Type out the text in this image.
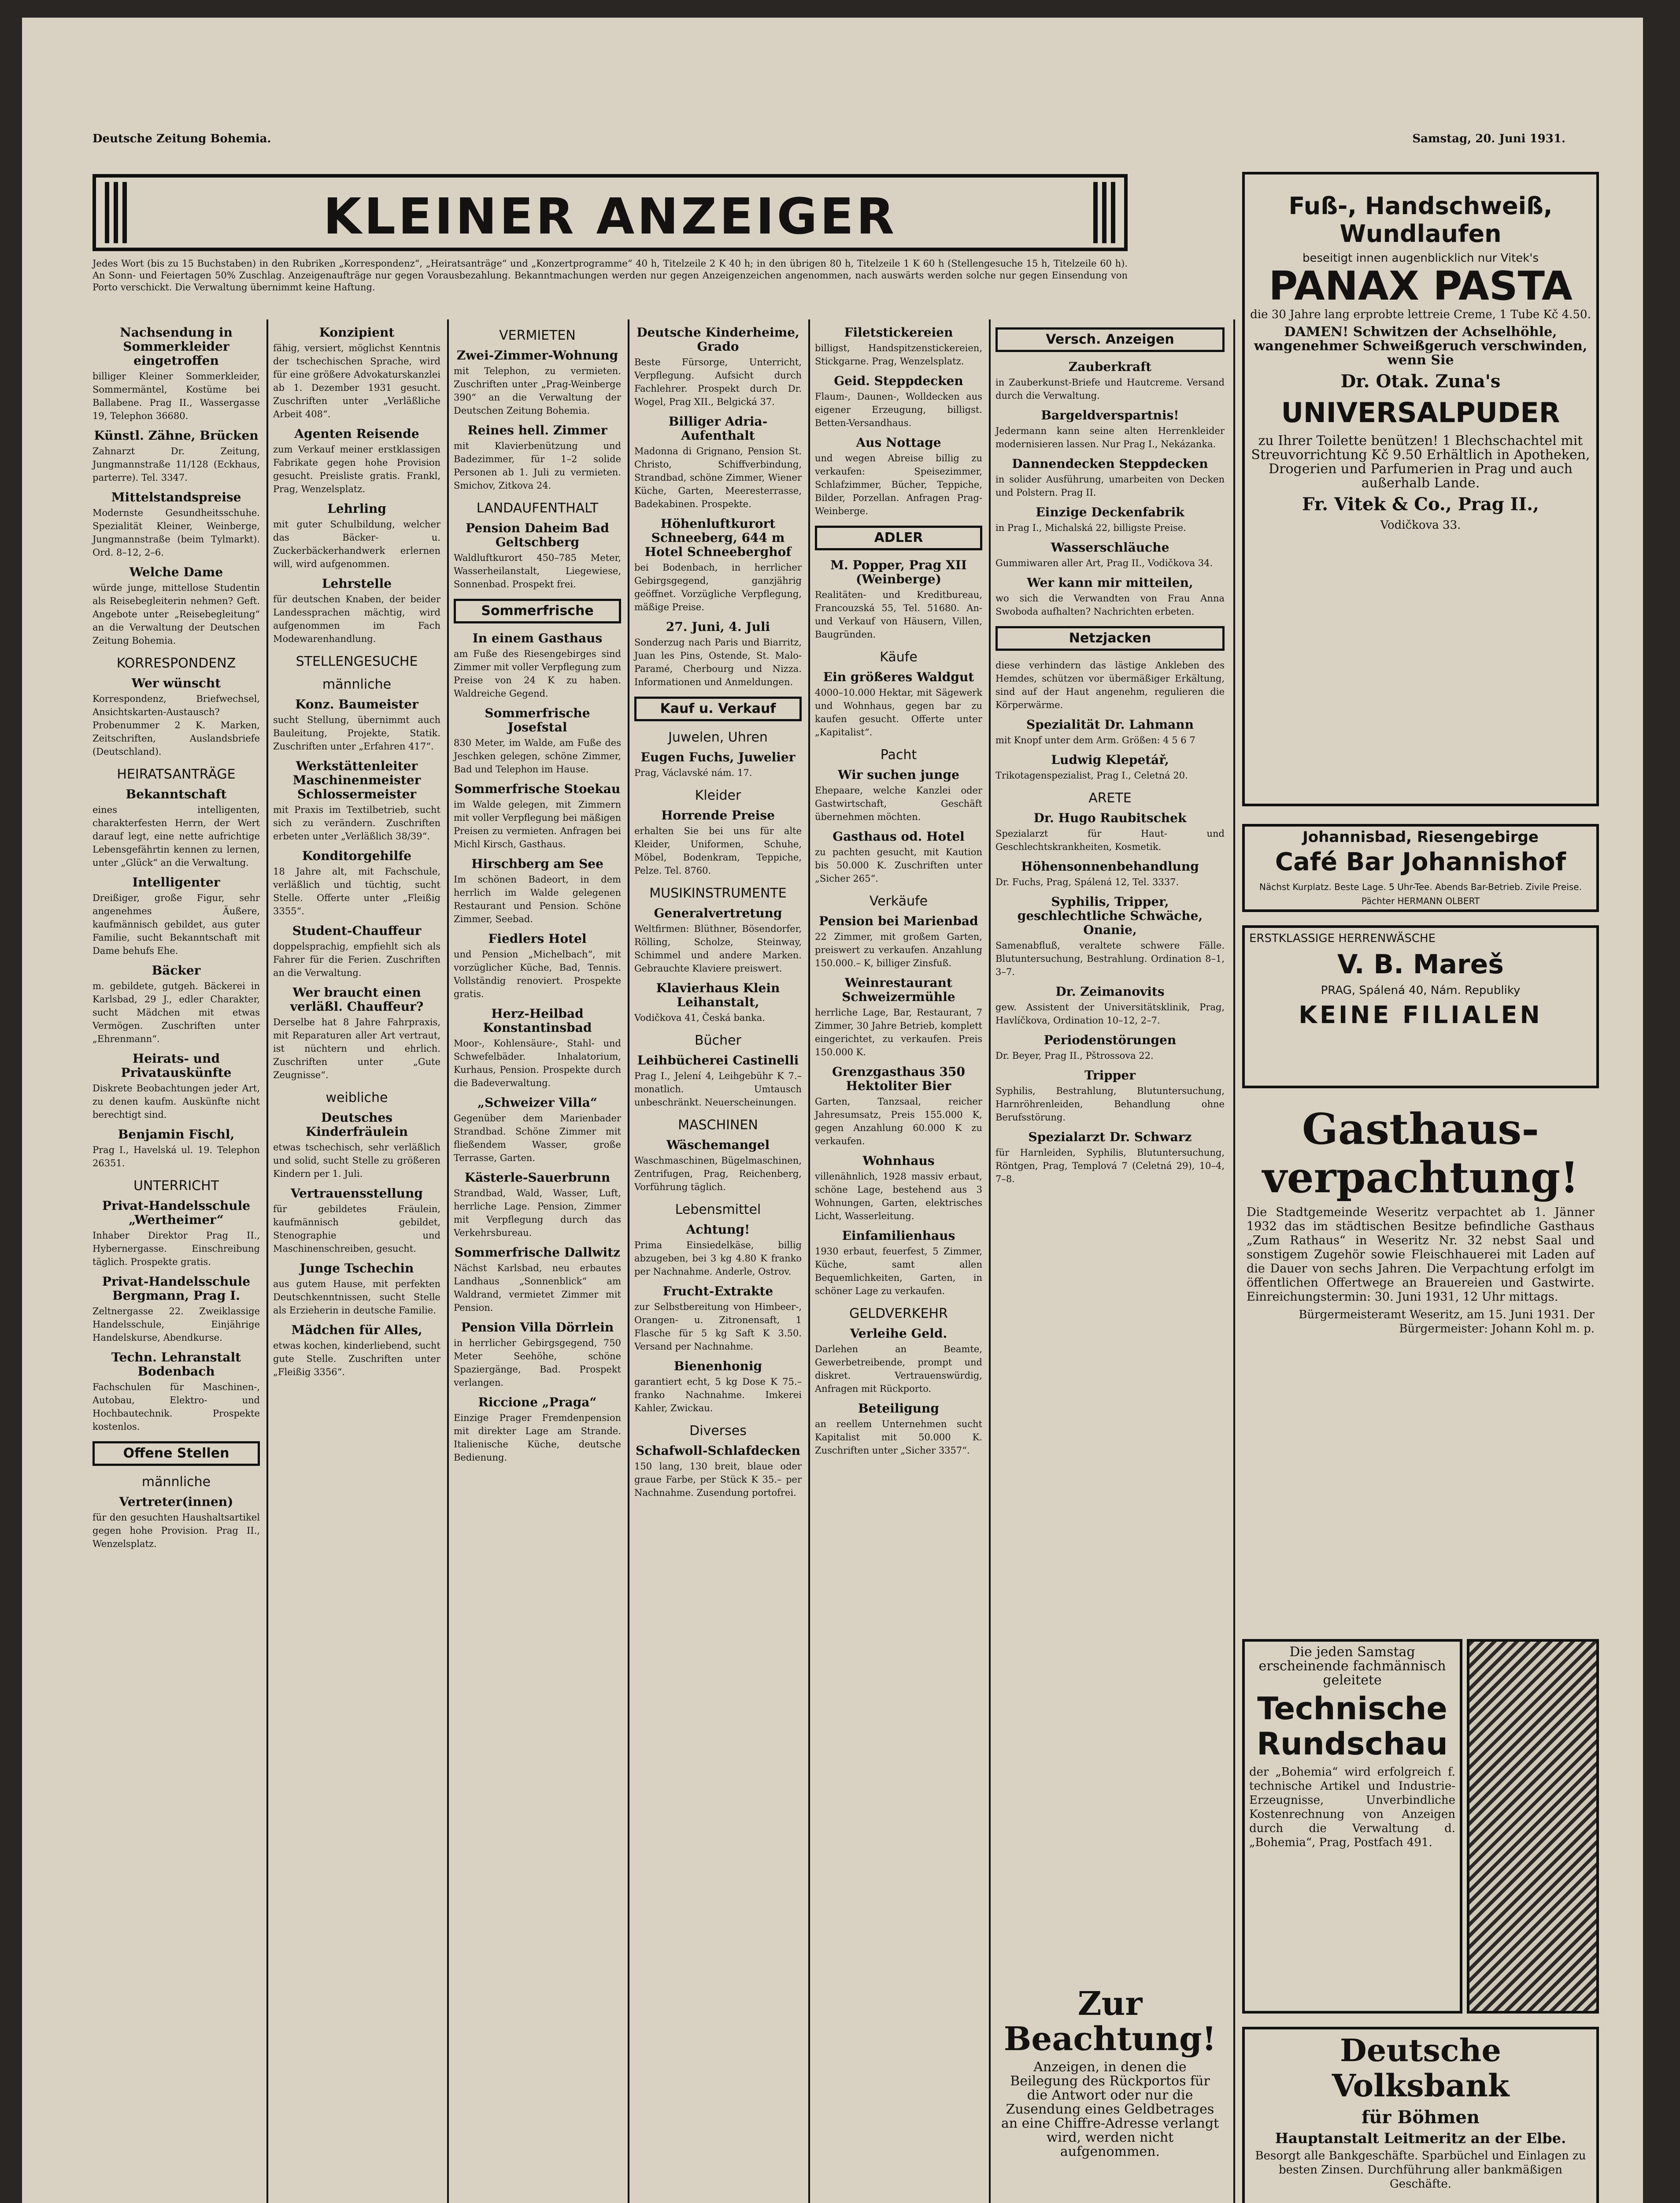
Deutsche Zeitung Bohemia.	Samstag, 20. Juni 1931.
KLEINER ANZEIGER
Jedes Wort (bis zu 15 Buchstaben) in den Rubriken „Korrespondenz“, „Heiratsanträge“ und „Konzertprogramme“ 40 h, Titelzeile 2 K 40 h; in den übrigen 80 h, Titelzeile 1 K 60 h (Stellengesuche 15 h, Titelzeile 60 h). An Sonn- und Feiertagen 50% Zuschlag. Anzeigenaufträge nur gegen Vorausbezahlung. Bekanntmachungen werden nur gegen Anzeigenzeichen angenommen, nach auswärts werden solche nur gegen Einsendung von Porto verschickt. Die Verwaltung übernimmt keine Haftung.
Nachsendung in Sommerkleider eingetroffen
billiger Kleiner Sommerkleider, Sommermäntel, Kostüme bei Ballabene. Prag II., Wassergasse 19, Telephon 36680.
Künstl. Zähne, Brücken
Zahnarzt Dr. Zeitung, Jungmannstraße 11/128 (Eckhaus, parterre). Tel. 3347.
Mittelstandspreise
Modernste Gesundheitsschuhe. Spezialität Kleiner, Weinberge, Jungmannstraße (beim Tylmarkt). Ord. 8–12, 2–6.
Welche Dame
würde junge, mittellose Studentin als Reisebegleiterin nehmen? Geft. Angebote unter „Reisebegleitung“ an die Verwaltung der Deutschen Zeitung Bohemia.
KORRESPONDENZ
Wer wünscht
Korrespondenz, Briefwechsel, Ansichtskarten-Austausch? Probenummer 2 K. Marken, Zeitschriften, Auslandsbriefe (Deutschland).
HEIRATSANTRÄGE
Bekanntschaft
eines intelligenten, charakterfesten Herrn, der Wert darauf legt, eine nette aufrichtige Lebensgefährtin kennen zu lernen, unter „Glück“ an die Verwaltung.
Intelligenter
Dreißiger, große Figur, sehr angenehmes Äußere, kaufmännisch gebildet, aus guter Familie, sucht Bekanntschaft mit Dame behufs Ehe.
Bäcker
m. gebildete, gutgeh. Bäckerei in Karlsbad, 29 J., edler Charakter, sucht Mädchen mit etwas Vermögen. Zuschriften unter „Ehrenmann“.
Heirats- und Privatauskünfte
Diskrete Beobachtungen jeder Art, zu denen kaufm. Auskünfte nicht berechtigt sind.
Benjamin Fischl,
Prag I., Havelská ul. 19. Telephon 26351.
UNTERRICHT
Privat-Handelsschule „Wertheimer“
Inhaber Direktor Prag II., Hybernergasse. Einschreibung täglich. Prospekte gratis.
Privat-Handelsschule Bergmann, Prag I.
Zeltnergasse 22. Zweiklassige Handelsschule, Einjährige Handelskurse, Abendkurse.
Techn. Lehranstalt Bodenbach
Fachschulen für Maschinen-, Autobau, Elektro- und Hochbautechnik. Prospekte kostenlos.
Offene Stellen
männliche
Vertreter(innen)
für den gesuchten Haushaltsartikel gegen hohe Provision. Prag II., Wenzelsplatz.
Konzipient
fähig, versiert, möglichst Kenntnis der tschechischen Sprache, wird für eine größere Advokaturskanzlei ab 1. Dezember 1931 gesucht. Zuschriften unter „Verläßliche Arbeit 408“.
Agenten Reisende
zum Verkauf meiner erstklassigen Fabrikate gegen hohe Provision gesucht. Preisliste gratis. Frankl, Prag, Wenzelsplatz.
Lehrling
mit guter Schulbildung, welcher das Bäcker- u. Zuckerbäckerhandwerk erlernen will, wird aufgenommen.
Lehrstelle
für deutschen Knaben, der beider Landessprachen mächtig, wird aufgenommen im Fach Modewarenhandlung.
STELLENGESUCHE
männliche
Konz. Baumeister
sucht Stellung, übernimmt auch Bauleitung, Projekte, Statik. Zuschriften unter „Erfahren 417“.
Werkstättenleiter Maschinenmeister Schlossermeister
mit Praxis im Textilbetrieb, sucht sich zu verändern. Zuschriften erbeten unter „Verläßlich 38/39“.
Konditorgehilfe
18 Jahre alt, mit Fachschule, verläßlich und tüchtig, sucht Stelle. Offerte unter „Fleißig 3355“.
Student-Chauffeur
doppelsprachig, empfiehlt sich als Fahrer für die Ferien. Zuschriften an die Verwaltung.
Wer braucht einen verläßl. Chauffeur?
Derselbe hat 8 Jahre Fahrpraxis, mit Reparaturen aller Art vertraut, ist nüchtern und ehrlich. Zuschriften unter „Gute Zeugnisse“.
weibliche
Deutsches Kinderfräulein
etwas tschechisch, sehr verläßlich und solid, sucht Stelle zu größeren Kindern per 1. Juli.
Vertrauensstellung
für gebildetes Fräulein, kaufmännisch gebildet, Stenographie und Maschinenschreiben, gesucht.
Junge Tschechin
aus gutem Hause, mit perfekten Deutschkenntnissen, sucht Stelle als Erzieherin in deutsche Familie.
Mädchen für Alles,
etwas kochen, kinderliebend, sucht gute Stelle. Zuschriften unter „Fleißig 3356“.
VERMIETEN
Zwei-Zimmer-Wohnung
mit Telephon, zu vermieten. Zuschriften unter „Prag-Weinberge 390“ an die Verwaltung der Deutschen Zeitung Bohemia.
Reines hell. Zimmer
mit Klavierbenützung und Badezimmer, für 1–2 solide Personen ab 1. Juli zu vermieten. Smichov, Zitkova 24.
LANDAUFENTHALT
Pension Daheim Bad Geltschberg
Waldluftkurort 450–785 Meter, Wasserheilanstalt, Liegewiese, Sonnenbad. Prospekt frei.
Sommerfrische
In einem Gasthaus
am Fuße des Riesengebirges sind Zimmer mit voller Verpflegung zum Preise von 24 K zu haben. Waldreiche Gegend.
Sommerfrische Josefstal
830 Meter, im Walde, am Fuße des Jeschken gelegen, schöne Zimmer, Bad und Telephon im Hause.
Sommerfrische Stoekau
im Walde gelegen, mit Zimmern mit voller Verpflegung bei mäßigen Preisen zu vermieten. Anfragen bei Michl Kirsch, Gasthaus.
Hirschberg am See
Im schönen Badeort, in dem herrlich im Walde gelegenen Restaurant und Pension. Schöne Zimmer, Seebad.
Fiedlers Hotel
und Pension „Michelbach“, mit vorzüglicher Küche, Bad, Tennis. Vollständig renoviert. Prospekte gratis.
Herz-Heilbad Konstantinsbad
Moor-, Kohlensäure-, Stahl- und Schwefelbäder. Inhalatorium, Kurhaus, Pension. Prospekte durch die Badeverwaltung.
„Schweizer Villa“
Gegenüber dem Marienbader Strandbad. Schöne Zimmer mit fließendem Wasser, große Terrasse, Garten.
Kästerle-Sauerbrunn
Strandbad, Wald, Wasser, Luft, herrliche Lage. Pension, Zimmer mit Verpflegung durch das Verkehrsbureau.
Sommerfrische Dallwitz
Nächst Karlsbad, neu erbautes Landhaus „Sonnenblick“ am Waldrand, vermietet Zimmer mit Pension.
Pension Villa Dörrlein
in herrlicher Gebirgsgegend, 750 Meter Seehöhe, schöne Spaziergänge, Bad. Prospekt verlangen.
Riccione „Praga“
Einzige Prager Fremdenpension mit direkter Lage am Strande. Italienische Küche, deutsche Bedienung.
Deutsche Kinderheime, Grado
Beste Fürsorge, Unterricht, Verpflegung. Aufsicht durch Fachlehrer. Prospekt durch Dr. Wogel, Prag XII., Belgická 37.
Billiger Adria-Aufenthalt
Madonna di Grignano, Pension St. Christo, Schiffverbindung, Strandbad, schöne Zimmer, Wiener Küche, Garten, Meeresterrasse, Badekabinen. Prospekte.
Höhenluftkurort Schneeberg, 644 m Hotel Schneeberghof
bei Bodenbach, in herrlicher Gebirgsgegend, ganzjährig geöffnet. Vorzügliche Verpflegung, mäßige Preise.
27. Juni, 4. Juli
Sonderzug nach Paris und Biarritz, Juan les Pins, Ostende, St. Malo-Paramé, Cherbourg und Nizza. Informationen und Anmeldungen.
Kauf u. Verkauf
Juwelen, Uhren
Eugen Fuchs, Juwelier
Prag, Václavské nám. 17.
Kleider
Horrende Preise
erhalten Sie bei uns für alte Kleider, Uniformen, Schuhe, Möbel, Bodenkram, Teppiche, Pelze. Tel. 8760.
MUSIKINSTRUMENTE
Generalvertretung
Weltfirmen: Blüthner, Bösendorfer, Rölling, Scholze, Steinway, Schimmel und andere Marken. Gebrauchte Klaviere preiswert.
Klavierhaus Klein Leihanstalt,
Vodičkova 41, Česká banka.
Bücher
Leihbücherei Castinelli
Prag I., Jelení 4, Leihgebühr K 7.– monatlich. Umtausch unbeschränkt. Neuerscheinungen.
MASCHINEN
Wäschemangel
Waschmaschinen, Bügelmaschinen, Zentrifugen, Prag, Reichenberg, Vorführung täglich.
Lebensmittel
Achtung!
Prima Einsiedelkäse, billig abzugeben, bei 3 kg 4.80 K franko per Nachnahme. Anderle, Ostrov.
Frucht-Extrakte
zur Selbstbereitung von Himbeer-, Orangen- u. Zitronensaft, 1 Flasche für 5 kg Saft K 3.50. Versand per Nachnahme.
Bienenhonig
garantiert echt, 5 kg Dose K 75.– franko Nachnahme. Imkerei Kahler, Zwickau.
Diverses
Schafwoll-Schlafdecken
150 lang, 130 breit, blaue oder graue Farbe, per Stück K 35.– per Nachnahme. Zusendung portofrei.
Filetstickereien
billigst, Handspitzenstickereien, Stickgarne. Prag, Wenzelsplatz.
Geid. Steppdecken
Flaum-, Daunen-, Wolldecken aus eigener Erzeugung, billigst. Betten-Versandhaus.
Aus Nottage
und wegen Abreise billig zu verkaufen: Speisezimmer, Schlafzimmer, Bücher, Teppiche, Bilder, Porzellan. Anfragen Prag-Weinberge.
ADLER
M. Popper, Prag XII (Weinberge)
Realitäten- und Kreditbureau, Francouzská 55, Tel. 51680. An- und Verkauf von Häusern, Villen, Baugründen.
Käufe
Ein größeres Waldgut
4000–10.000 Hektar, mit Sägewerk und Wohnhaus, gegen bar zu kaufen gesucht. Offerte unter „Kapitalist“.
Pacht
Wir suchen junge
Ehepaare, welche Kanzlei oder Gastwirtschaft, Geschäft übernehmen möchten.
Gasthaus od. Hotel
zu pachten gesucht, mit Kaution bis 50.000 K. Zuschriften unter „Sicher 265“.
Verkäufe
Pension bei Marienbad
22 Zimmer, mit großem Garten, preiswert zu verkaufen. Anzahlung 150.000.– K, billiger Zinsfuß.
Weinrestaurant Schweizermühle
herrliche Lage, Bar, Restaurant, 7 Zimmer, 30 Jahre Betrieb, komplett eingerichtet, zu verkaufen. Preis 150.000 K.
Grenzgasthaus 350 Hektoliter Bier
Garten, Tanzsaal, reicher Jahresumsatz, Preis 155.000 K, gegen Anzahlung 60.000 K zu verkaufen.
Wohnhaus
villenähnlich, 1928 massiv erbaut, schöne Lage, bestehend aus 3 Wohnungen, Garten, elektrisches Licht, Wasserleitung.
Einfamilienhaus
1930 erbaut, feuerfest, 5 Zimmer, Küche, samt allen Bequemlichkeiten, Garten, in schöner Lage zu verkaufen.
GELDVERKEHR
Verleihe Geld.
Darlehen an Beamte, Gewerbetreibende, prompt und diskret. Vertrauenswürdig, Anfragen mit Rückporto.
Beteiligung
an reellem Unternehmen sucht Kapitalist mit 50.000 K. Zuschriften unter „Sicher 3357“.
Versch. Anzeigen
Zauberkraft
in Zauberkunst-Briefe und Hautcreme. Versand durch die Verwaltung.
Bargeldverspartnis!
Jedermann kann seine alten Herrenkleider modernisieren lassen. Nur Prag I., Nekázanka.
Dannendecken Steppdecken
in solider Ausführung, umarbeiten von Decken und Polstern. Prag II.
Einzige Deckenfabrik
in Prag I., Michalská 22, billigste Preise.
Wasserschläuche
Gummiwaren aller Art, Prag II., Vodičkova 34.
Wer kann mir mitteilen,
wo sich die Verwandten von Frau Anna Swoboda aufhalten? Nachrichten erbeten.
Netzjacken
diese verhindern das lästige Ankleben des Hemdes, schützen vor übermäßiger Erkältung, sind auf der Haut angenehm, regulieren die Körperwärme.
Spezialität Dr. Lahmann
mit Knopf unter dem Arm. Größen: 4 5 6 7
Ludwig Klepetář,
Trikotagenspezialist, Prag I., Celetná 20.
ARETE
Dr. Hugo Raubitschek
Spezialarzt für Haut- und Geschlechtskrankheiten, Kosmetik.
Höhensonnenbehandlung
Dr. Fuchs, Prag, Spálená 12, Tel. 3337.
Syphilis, Tripper, geschlechtliche Schwäche, Onanie,
Samenabfluß, veraltete schwere Fälle. Blutuntersuchung, Bestrahlung. Ordination 8–1, 3–7.
Dr. Zeimanovits
gew. Assistent der Universitätsklinik, Prag, Havlíčkova, Ordination 10–12, 2–7.
Periodenstörungen
Dr. Beyer, Prag II., Pštrossova 22.
Tripper
Syphilis, Bestrahlung, Blutuntersuchung, Harnröhrenleiden, Behandlung ohne Berufsstörung.
Spezialarzt Dr. Schwarz
für Harnleiden, Syphilis, Blutuntersuchung, Röntgen, Prag, Templová 7 (Celetná 29), 10–4, 7–8.

Fuß-, Handschweiß, Wundlaufen

beseitigt innen augenblicklich nur Vitek's

PANAX PASTA

die 30 Jahre lang erprobte lettreie Creme, 1 Tube Kč 4.50.

DAMEN! Schwitzen der Achselhöhle, wangenehmer Schweißgeruch verschwinden, wenn Sie

Dr. Otak. Zuna's

UNIVERSALPUDER

zu Ihrer Toilette benützen! 1 Blechschachtel mit Streuvorrichtung Kč 9.50 Erhältlich in Apotheken, Drogerien und Parfumerien in Prag und auch außerhalb Lande.

Fr. Vitek & Co., Prag II.,

Vodičkova 33.

Johannisbad, Riesengebirge

Café Bar Johannishof

Nächst Kurplatz. Beste Lage. 5 Uhr-Tee. Abends Bar-Betrieb. Zivile Preise. Pächter HERMANN OLBERT

ERSTKLASSIGE HERRENWÄSCHE

V. B. Mareš

PRAG, Spálená 40, Nám. Republiky

KEINE FILIALEN

Gasthaus-verpachtung!

Die Stadtgemeinde Weseritz verpachtet ab 1. Jänner 1932 das im städtischen Besitze befindliche Gasthaus „Zum Rathaus“ in Weseritz Nr. 32 nebst Saal und sonstigem Zugehör sowie Fleischhauerei mit Laden auf die Dauer von sechs Jahren. Die Verpachtung erfolgt im öffentlichen Offertwege an Brauereien und Gastwirte. Einreichungstermin: 30. Juni 1931, 12 Uhr mittags.

Bürgermeisteramt Weseritz, am 15. Juni 1931. Der Bürgermeister: Johann Kohl m. p.

Die jeden Samstag erscheinende fachmännisch geleitete

Technische Rundschau

der „Bohemia“ wird erfolgreich f. technische Artikel und Industrie-Erzeugnisse, Unverbindliche Kostenrechnung von Anzeigen durch die Verwaltung d. „Bohemia“, Prag, Postfach 491.

Deutsche Volksbank

für Böhmen

Hauptanstalt Leitmeritz an der Elbe.

Besorgt alle Bankgeschäfte. Sparbüchel und Einlagen zu besten Zinsen. Durchführung aller bankmäßigen Geschäfte.

Zur Beachtung!

Anzeigen, in denen die Beilegung des Rückportos für die Antwort oder nur die Zusendung eines Geldbetrages an eine Chiffre-Adresse verlangt wird, werden nicht aufgenommen.
